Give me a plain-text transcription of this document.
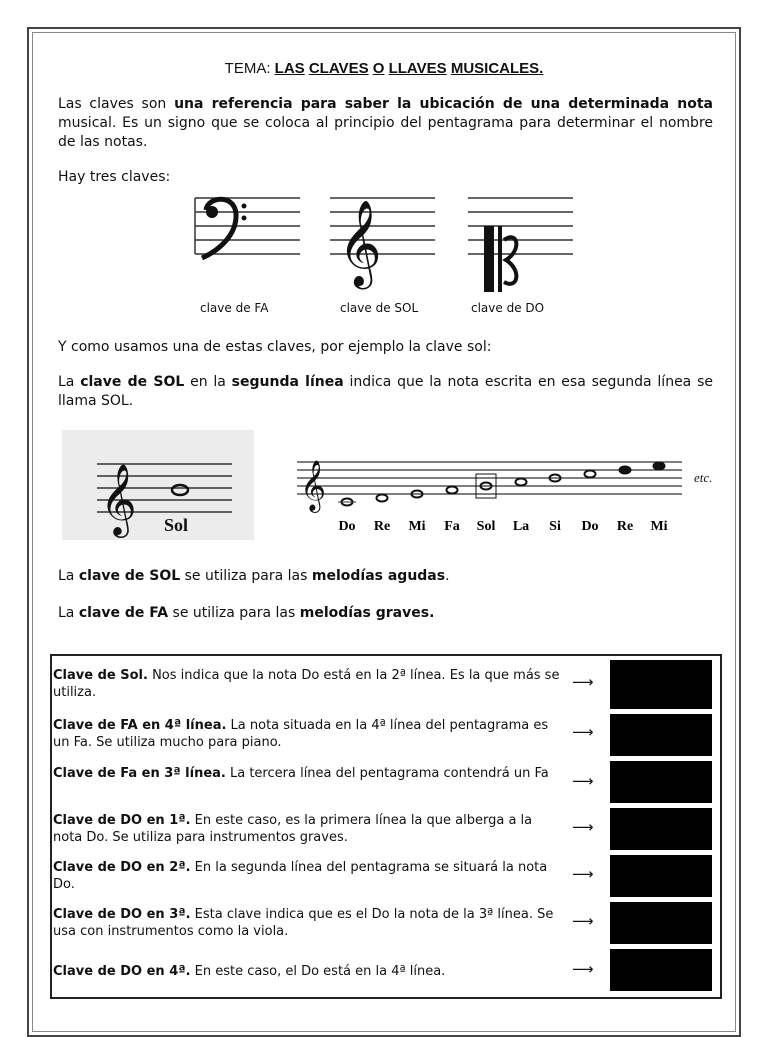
TEMA: LAS CLAVES O LLAVES MUSICALES.
Las claves son una referencia para saber la ubicación de una determinada nota musical. Es un signo que se coloca al principio del pentagrama para determinar el nombre de las notas.
Hay tres claves:
𝄞
clave de FA	clave de SOL	clave de DO
Y como usamos una de estas claves, por ejemplo la clave sol:
La clave de SOL en la segunda línea indica que la nota escrita en esa segunda línea se llama SOL.
𝄞 Sol
𝄞
Do Re Mi Fa Sol La Si Do Re Mi
etc.
La clave de SOL se utiliza para las melodías agudas.
La clave de FA se utiliza para las melodías graves.
Clave de Sol. Nos indica que la nota Do está en la 2ª línea. Es la que más se utiliza.
⟶
Clave de FA en 4ª línea. La nota situada en la 4ª línea del pentagrama es un Fa. Se utiliza mucho para piano.
⟶
Clave de Fa en 3ª línea. La tercera línea del pentagrama contendrá un Fa	⟶
Clave de DO en 1ª. En este caso, es la primera línea la que alberga a la nota Do. Se utiliza para instrumentos graves.
⟶
Clave de DO en 2ª. En la segunda línea del pentagrama se situará la nota Do.
⟶
Clave de DO en 3ª. Esta clave indica que es el Do la nota de la 3ª línea. Se usa con instrumentos como la viola.
⟶
Clave de DO en 4ª. En este caso, el Do está en la 4ª línea.	⟶
